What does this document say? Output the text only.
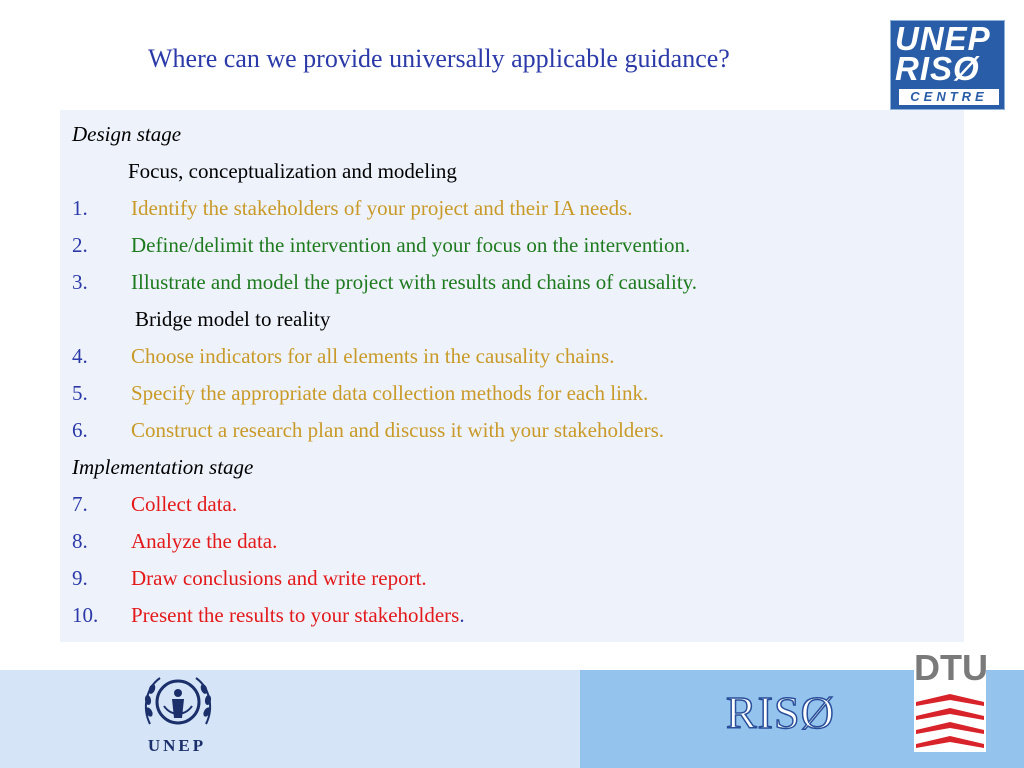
Where can we provide universally applicable guidance?
UNEP
RISØ
CENTRE
Design stage
Focus, conceptualization and modeling
1. Identify the stakeholders of your project and their IA needs.
2. Define/delimit the intervention and your focus on the intervention.
3. Illustrate and model the project with results and chains of causality.
Bridge model to reality
4. Choose indicators for all elements in the causality chains.
5. Specify the appropriate data collection methods for each link.
6. Construct a research plan and discuss it with your stakeholders.
Implementation stage
7. Collect data.
8. Analyze the data.
9. Draw conclusions and write report.
10. Present the results to your stakeholders.
UNEP
RISØ
DTU
